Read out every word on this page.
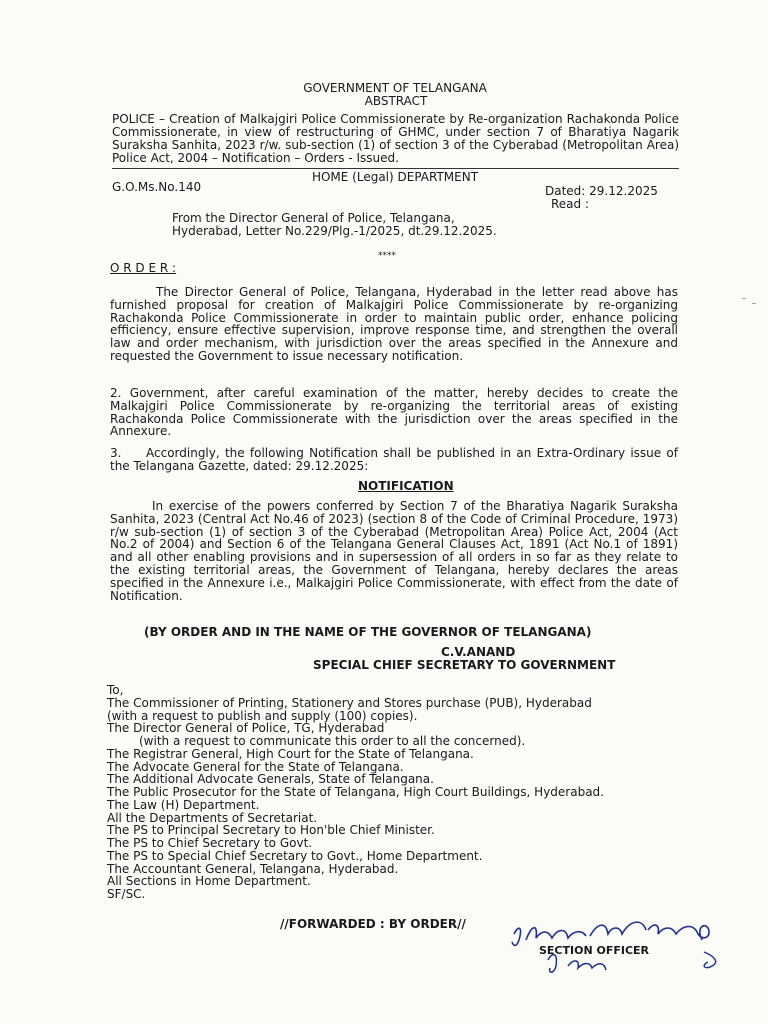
GOVERNMENT OF TELANGANA
ABSTRACT
POLICE – Creation of Malkajgiri Police Commissionerate by Re-organization Rachakonda Police Commissionerate, in view of restructuring of GHMC, under section 7 of Bharatiya Nagarik Suraksha Sanhita, 2023 r/w. sub-section (1) of section 3 of the Cyberabad (Metropolitan Area) Police Act, 2004 – Notification – Orders - Issued.
HOME (Legal) DEPARTMENT
G.O.Ms.No.140	Dated: 29.12.2025
Read :
From the Director General of Police, Telangana,
Hyderabad, Letter No.229/Plg.-1/2025, dt.29.12.2025.
****
O R D E R :
The Director General of Police, Telangana, Hyderabad in the letter read above has furnished proposal for creation of Malkajgiri Police Commissionerate by re-organizing Rachakonda Police Commissionerate in order to maintain public order, enhance policing efficiency, ensure effective supervision, improve response time, and strengthen the overall law and order mechanism, with jurisdiction over the areas specified in the Annexure and requested the Government to issue necessary notification.
2. Government, after careful examination of the matter, hereby decides to create the Malkajgiri Police Commissionerate by re-organizing the territorial areas of existing Rachakonda Police Commissionerate with the jurisdiction over the areas specified in the Annexure.
3.	Accordingly, the following Notification shall be published in an Extra-Ordinary issue of the Telangana Gazette, dated: 29.12.2025:
NOTIFICATION
In exercise of the powers conferred by Section 7 of the Bharatiya Nagarik Suraksha Sanhita, 2023 (Central Act No.46 of 2023) (section 8 of the Code of Criminal Procedure, 1973) r/w sub-section (1) of section 3 of the Cyberabad (Metropolitan Area) Police Act, 2004 (Act No.2 of 2004) and Section 6 of the Telangana General Clauses Act, 1891 (Act No.1 of 1891) and all other enabling provisions and in supersession of all orders in so far as they relate to the existing territorial areas, the Government of Telangana, hereby declares the areas specified in the Annexure i.e., Malkajgiri Police Commissionerate, with effect from the date of Notification.
(BY ORDER AND IN THE NAME OF THE GOVERNOR OF TELANGANA)
C.V.ANAND
SPECIAL CHIEF SECRETARY TO GOVERNMENT
To,
The Commissioner of Printing, Stationery and Stores purchase (PUB), Hyderabad
(with a request to publish and supply (100) copies).
The Director General of Police, TG, Hyderabad
(with a request to communicate this order to all the concerned).
The Registrar General, High Court for the State of Telangana.
The Advocate General for the State of Telangana.
The Additional Advocate Generals, State of Telangana.
The Public Prosecutor for the State of Telangana, High Court Buildings, Hyderabad.
The Law (H) Department.
All the Departments of Secretariat.
The PS to Principal Secretary to Hon'ble Chief Minister.
The PS to Chief Secretary to Govt.
The PS to Special Chief Secretary to Govt., Home Department.
The Accountant General, Telangana, Hyderabad.
All Sections in Home Department.
SF/SC.
//FORWARDED : BY ORDER//
SECTION OFFICER
